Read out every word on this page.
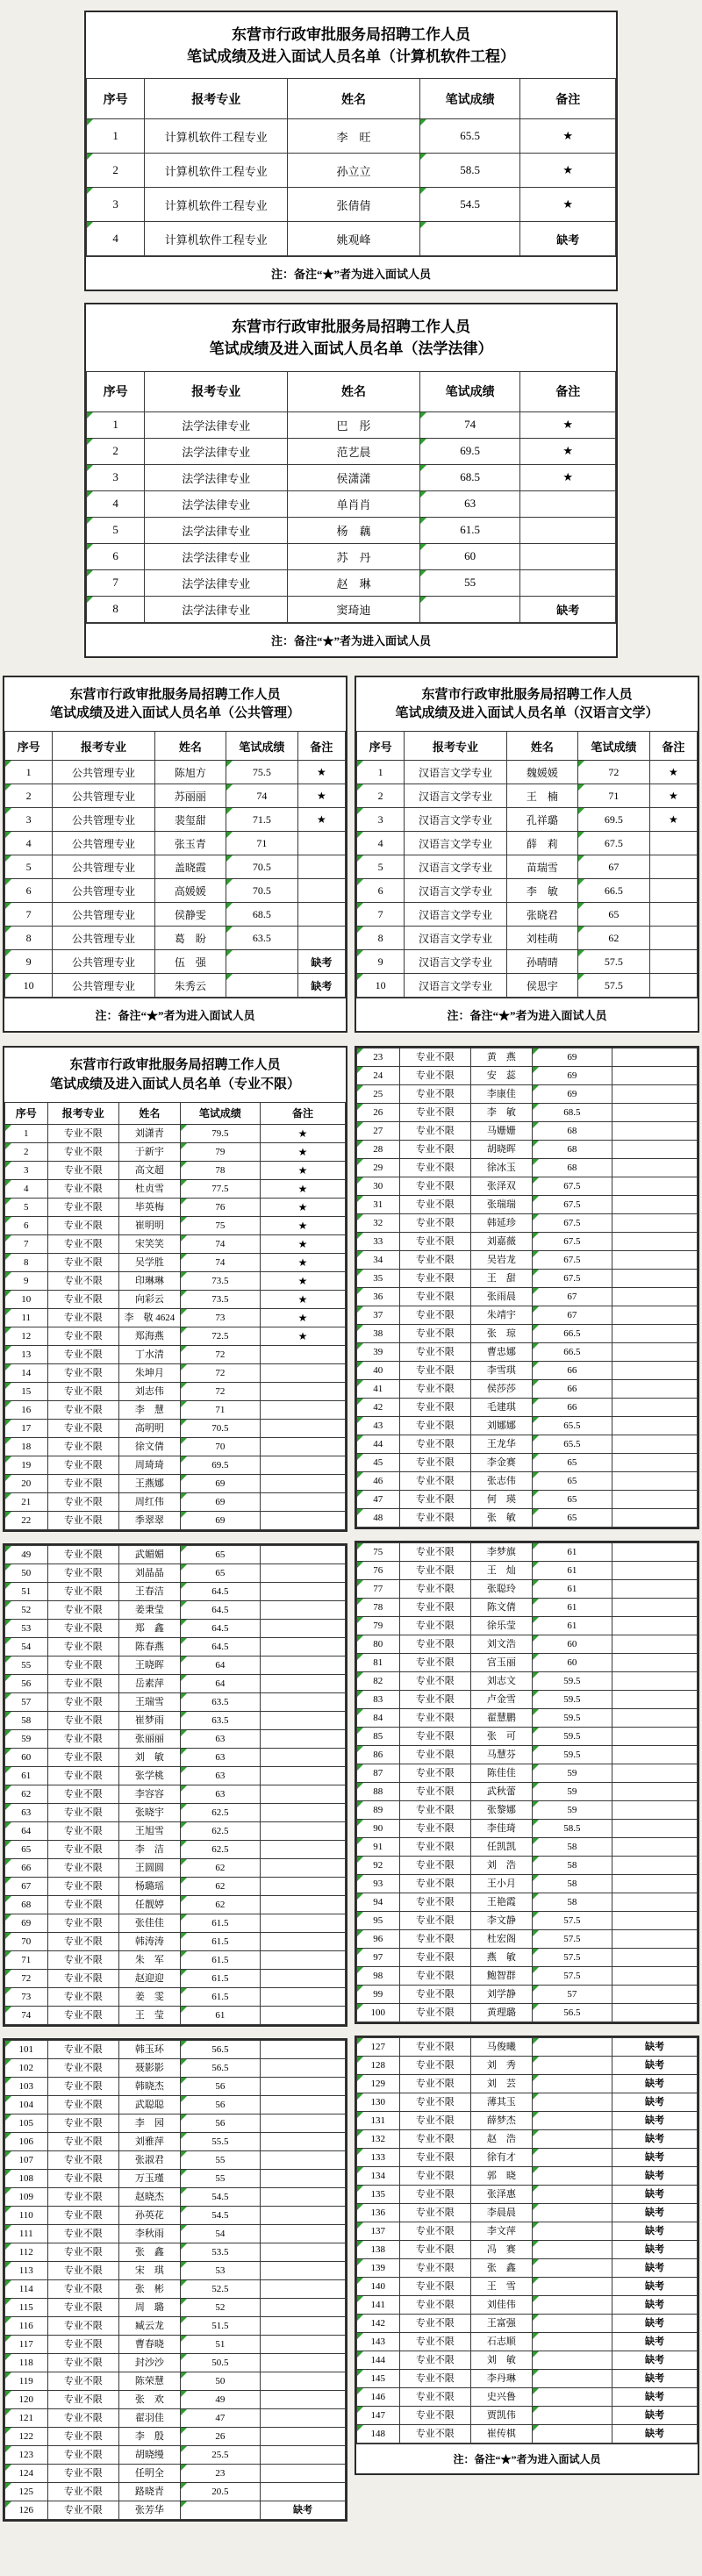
东营市行政审批服务局招聘工作人员
笔试成绩及进入面试人员名单（计算机软件工程）
序号	报考专业	姓名	笔试成绩	备注
1	计算机软件工程专业	李　旺	65.5	★
2	计算机软件工程专业	孙立立	58.5	★
3	计算机软件工程专业	张倩倩	54.5	★
4	计算机软件工程专业	姚观峰		缺考
注：备注“★”者为进入面试人员
东营市行政审批服务局招聘工作人员
笔试成绩及进入面试人员名单（法学法律）
序号	报考专业	姓名	笔试成绩	备注
1	法学法律专业	巴　彤	74	★
2	法学法律专业	范艺晨	69.5	★
3	法学法律专业	侯潇潇	68.5	★
4	法学法律专业	单肖肖	63	
5	法学法律专业	杨　藕	61.5	
6	法学法律专业	苏　丹	60	
7	法学法律专业	赵　琳	55	
8	法学法律专业	窦琦迪		缺考
注：备注“★”者为进入面试人员
东营市行政审批服务局招聘工作人员
笔试成绩及进入面试人员名单（公共管理）
序号	报考专业	姓名	笔试成绩	备注
1	公共管理专业	陈旭方	75.5	★
2	公共管理专业	苏丽丽	74	★
3	公共管理专业	裴玺甜	71.5	★
4	公共管理专业	张玉青	71	
5	公共管理专业	盖晓霞	70.5	
6	公共管理专业	高媛媛	70.5	
7	公共管理专业	侯静雯	68.5	
8	公共管理专业	葛　盼	63.5	
9	公共管理专业	伍　强		缺考
10	公共管理专业	朱秀云		缺考
注：备注“★”者为进入面试人员
东营市行政审批服务局招聘工作人员
笔试成绩及进入面试人员名单（汉语言文学）
序号	报考专业	姓名	笔试成绩	备注
1	汉语言文学专业	魏媛媛	72	★
2	汉语言文学专业	王　楠	71	★
3	汉语言文学专业	孔祥璐	69.5	★
4	汉语言文学专业	薛　莉	67.5	
5	汉语言文学专业	苗瑞雪	67	
6	汉语言文学专业	李　敏	66.5	
7	汉语言文学专业	张晓君	65	
8	汉语言文学专业	刘桂萌	62	
9	汉语言文学专业	孙晴晴	57.5	
10	汉语言文学专业	侯思宇	57.5	
注：备注“★”者为进入面试人员
东营市行政审批服务局招聘工作人员
笔试成绩及进入面试人员名单（专业不限）
序号	报考专业	姓名	笔试成绩	备注
1	专业不限	刘潇青	79.5	★
2	专业不限	于新宇	79	★
3	专业不限	高文超	78	★
4	专业不限	杜贞雪	77.5	★
5	专业不限	毕英梅	76	★
6	专业不限	崔明明	75	★
7	专业不限	宋笑笑	74	★
8	专业不限	吴学胜	74	★
9	专业不限	印琳琳	73.5	★
10	专业不限	向彩云	73.5	★
11	专业不限	李　敬 4624	73	★
12	专业不限	郑海燕	72.5	★
13	专业不限	丁水清	72	
14	专业不限	朱坤月	72	
15	专业不限	刘志伟	72	
16	专业不限	李　慧	71	
17	专业不限	高明明	70.5	
18	专业不限	徐文倩	70	
19	专业不限	周琦琦	69.5	
20	专业不限	王燕娜	69	
21	专业不限	周红伟	69	
22	专业不限	季翠翠	69	
49	专业不限	武媚媚	65	
50	专业不限	刘晶晶	65	
51	专业不限	王春洁	64.5	
52	专业不限	姜秉莹	64.5	
53	专业不限	郑　鑫	64.5	
54	专业不限	陈春燕	64.5	
55	专业不限	王晓晖	64	
56	专业不限	岳素萍	64	
57	专业不限	王瑞雪	63.5	
58	专业不限	崔梦雨	63.5	
59	专业不限	张丽丽	63	
60	专业不限	刘　敏	63	
61	专业不限	张学桃	63	
62	专业不限	李容容	63	
63	专业不限	张晓宇	62.5	
64	专业不限	王旭雪	62.5	
65	专业不限	李　洁	62.5	
66	专业不限	王圆圆	62	
67	专业不限	杨璐瑶	62	
68	专业不限	任靓婷	62	
69	专业不限	张佳佳	61.5	
70	专业不限	韩涛涛	61.5	
71	专业不限	朱　军	61.5	
72	专业不限	赵迎迎	61.5	
73	专业不限	姜　雯	61.5	
74	专业不限	王　莹	61	
101	专业不限	韩玉环	56.5	
102	专业不限	聂影影	56.5	
103	专业不限	韩晓杰	56	
104	专业不限	武聪聪	56	
105	专业不限	李　园	56	
106	专业不限	刘雅萍	55.5	
107	专业不限	张淑君	55	
108	专业不限	万玉瑾	55	
109	专业不限	赵晓杰	54.5	
110	专业不限	孙英花	54.5	
111	专业不限	李秋雨	54	
112	专业不限	张　鑫	53.5	
113	专业不限	宋　琪	53	
114	专业不限	张　彬	52.5	
115	专业不限	周　璐	52	
116	专业不限	臧云龙	51.5	
117	专业不限	曹春晓	51	
118	专业不限	封沙沙	50.5	
119	专业不限	陈荣慧	50	
120	专业不限	张　欢	49	
121	专业不限	翟羽佳	47	
122	专业不限	李　殷	26	
123	专业不限	胡晓缦	25.5	
124	专业不限	任明全	23	
125	专业不限	路晓青	20.5	
126	专业不限	张芳华		缺考
23	专业不限	黄　燕	69	
24	专业不限	安　蕊	69	
25	专业不限	李康佳	69	
26	专业不限	李　敏	68.5	
27	专业不限	马姗姗	68	
28	专业不限	胡晓晖	68	
29	专业不限	徐冰玉	68	
30	专业不限	张泽双	67.5	
31	专业不限	张瑞瑞	67.5	
32	专业不限	韩延珍	67.5	
33	专业不限	刘嘉薇	67.5	
34	专业不限	吴岩龙	67.5	
35	专业不限	王　甜	67.5	
36	专业不限	张雨晨	67	
37	专业不限	朱靖宇	67	
38	专业不限	张　琼	66.5	
39	专业不限	曹忠娜	66.5	
40	专业不限	李雪琪	66	
41	专业不限	侯莎莎	66	
42	专业不限	毛建琪	66	
43	专业不限	刘娜娜	65.5	
44	专业不限	王龙华	65.5	
45	专业不限	李金赛	65	
46	专业不限	张志伟	65	
47	专业不限	何　瑛	65	
48	专业不限	张　敏	65	
75	专业不限	李梦旗	61	
76	专业不限	王　灿	61	
77	专业不限	张聪玲	61	
78	专业不限	陈文倩	61	
79	专业不限	徐乐莹	61	
80	专业不限	刘文浩	60	
81	专业不限	宫玉丽	60	
82	专业不限	刘志文	59.5	
83	专业不限	卢金雪	59.5	
84	专业不限	翟慧鹏	59.5	
85	专业不限	张　可	59.5	
86	专业不限	马慧芬	59.5	
87	专业不限	陈佳佳	59	
88	专业不限	武秋蕾	59	
89	专业不限	张黎娜	59	
90	专业不限	李佳琦	58.5	
91	专业不限	任凯凯	58	
92	专业不限	刘　浩	58	
93	专业不限	王小月	58	
94	专业不限	王艳霞	58	
95	专业不限	李文静	57.5	
96	专业不限	杜宏阁	57.5	
97	专业不限	燕　敏	57.5	
98	专业不限	鲍智群	57.5	
99	专业不限	刘学静	57	
100	专业不限	黄理璐	56.5	
127	专业不限	马俊曦		缺考
128	专业不限	刘　秀		缺考
129	专业不限	刘　芸		缺考
130	专业不限	薄其玉		缺考
131	专业不限	薛梦杰		缺考
132	专业不限	赵　浩		缺考
133	专业不限	徐有才		缺考
134	专业不限	郭　晓		缺考
135	专业不限	张泽惠		缺考
136	专业不限	李晨晨		缺考
137	专业不限	李文萍		缺考
138	专业不限	冯　赛		缺考
139	专业不限	张　鑫		缺考
140	专业不限	王　雪		缺考
141	专业不限	刘佳伟		缺考
142	专业不限	王富强		缺考
143	专业不限	石志顺		缺考
144	专业不限	刘　敏		缺考
145	专业不限	李丹琳		缺考
146	专业不限	史兴鲁		缺考
147	专业不限	贾凯伟		缺考
148	专业不限	崔传棋		缺考
注：备注“★”者为进入面试人员
